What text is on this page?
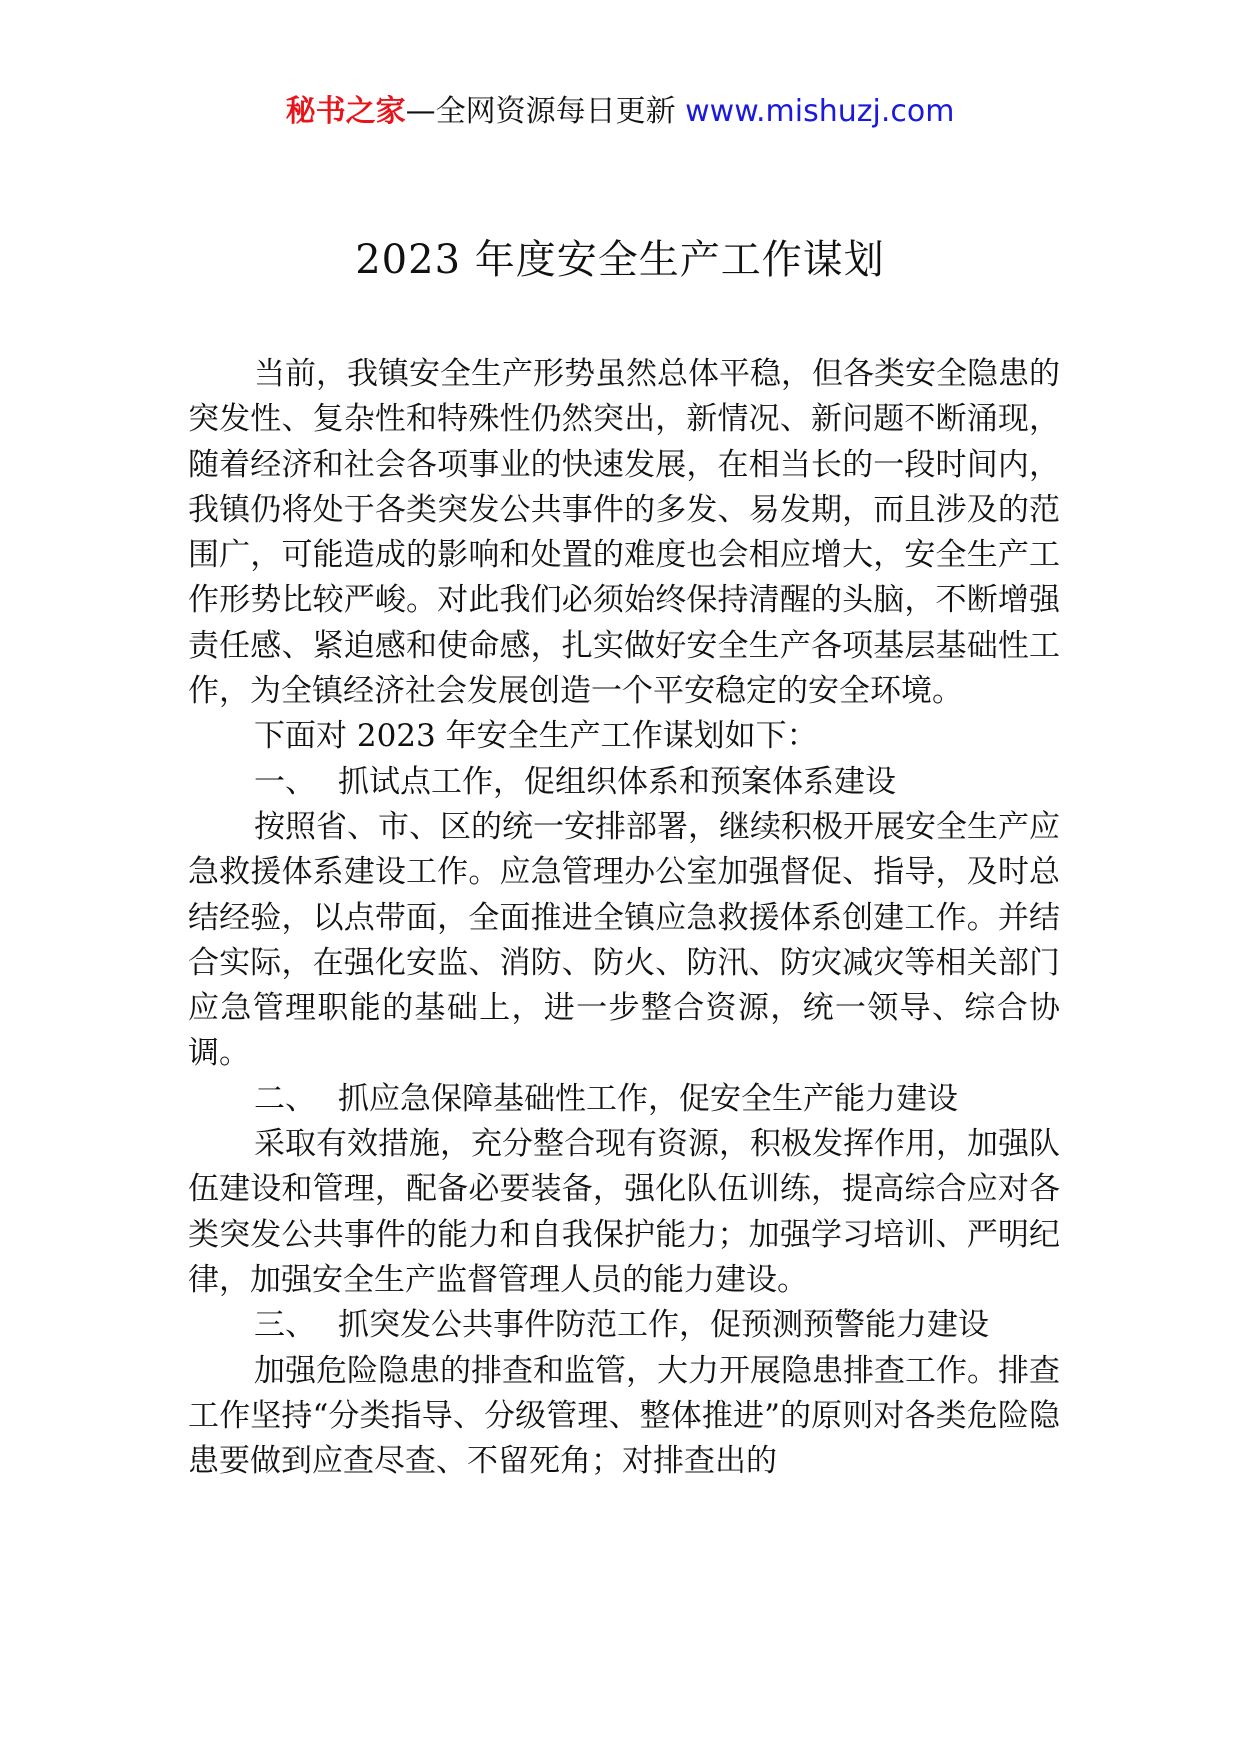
秘书之家—全网资源每日更新 www.mishuzj.com
2023 年度安全生产工作谋划

当前，我镇安全生产形势虽然总体平稳，但各类安全隐患的突发性、复杂性和特殊性仍然突出，新情况、新问题不断涌现，随着经济和社会各项事业的快速发展，在相当长的一段时间内，我镇仍将处于各类突发公共事件的多发、易发期，而且涉及的范围广，可能造成的影响和处置的难度也会相应增大，安全生产工作形势比较严峻。对此我们必须始终保持清醒的头脑，不断增强责任感、紧迫感和使命感，扎实做好安全生产各项基层基础性工作，为全镇经济社会发展创造一个平安稳定的安全环境。

下面对 2023 年安全生产工作谋划如下：

一、 抓试点工作，促组织体系和预案体系建设

按照省、市、区的统一安排部署，继续积极开展安全生产应急救援体系建设工作。应急管理办公室加强督促、指导，及时总结经验，以点带面，全面推进全镇应急救援体系创建工作。并结合实际，在强化安监、消防、防火、防汛、防灾减灾等相关部门应急管理职能的基础上，进一步整合资源，统一领导、综合协调。

二、 抓应急保障基础性工作，促安全生产能力建设

采取有效措施，充分整合现有资源，积极发挥作用，加强队伍建设和管理，配备必要装备，强化队伍训练，提高综合应对各类突发公共事件的能力和自我保护能力；加强学习培训、严明纪律，加强安全生产监督管理人员的能力建设。

三、 抓突发公共事件防范工作，促预测预警能力建设

加强危险隐患的排查和监管，大力开展隐患排查工作。排查工作坚持“分类指导、分级管理、整体推进”的原则对各类危险隐患要做到应查尽查、不留死角；对排查出的
